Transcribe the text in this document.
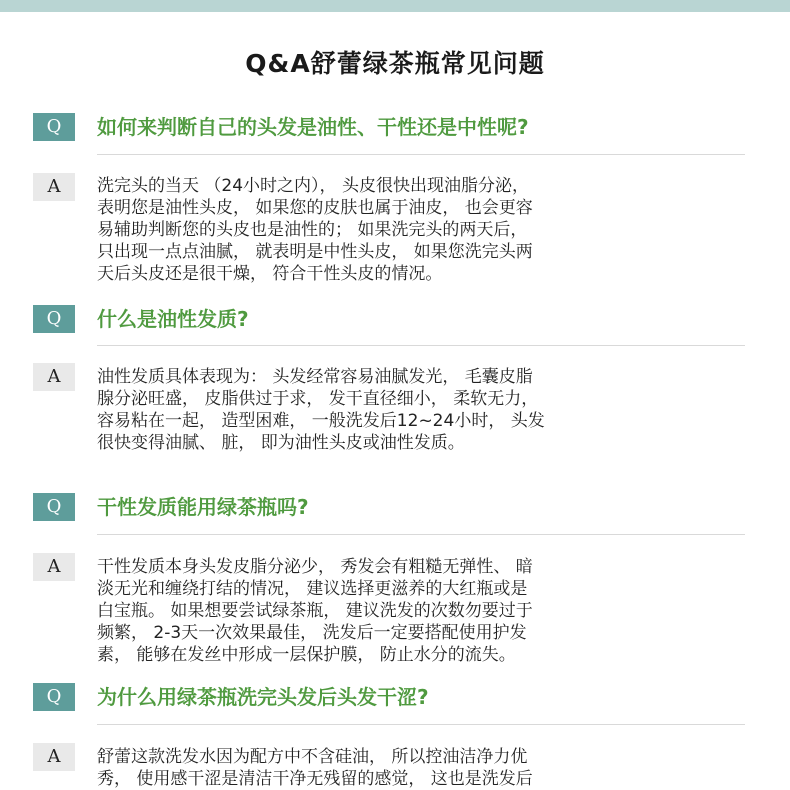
Q&A舒蕾绿茶瓶常见问题
Q	如何来判断自己的头发是油性、干性还是中性呢?
A	洗完头的当天 （24小时之内）， 头皮很快出现油脂分泌，
表明您是油性头皮， 如果您的皮肤也属于油皮， 也会更容
易辅助判断您的头皮也是油性的； 如果洗完头的两天后，
只出现一点点油腻， 就表明是中性头皮， 如果您洗完头两
天后头皮还是很干燥， 符合干性头皮的情况。
Q	什么是油性发质?
A	油性发质具体表现为： 头发经常容易油腻发光， 毛囊皮脂
腺分泌旺盛， 皮脂供过于求， 发干直径细小， 柔软无力，
容易粘在一起， 造型困难， 一般洗发后12~24小时， 头发
很快变得油腻、 脏， 即为油性头皮或油性发质。
Q	干性发质能用绿茶瓶吗?
A	干性发质本身头发皮脂分泌少， 秀发会有粗糙无弹性、 暗
淡无光和缠绕打结的情况， 建议选择更滋养的大红瓶或是
白宝瓶。 如果想要尝试绿茶瓶， 建议洗发的次数勿要过于
频繁， 2-3天一次效果最佳， 洗发后一定要搭配使用护发
素， 能够在发丝中形成一层保护膜， 防止水分的流失。
Q	为什么用绿茶瓶洗完头发后头发干涩?
A	舒蕾这款洗发水因为配方中不含硅油， 所以控油洁净力优
秀， 使用感干涩是清洁干净无残留的感觉， 这也是洗发后
